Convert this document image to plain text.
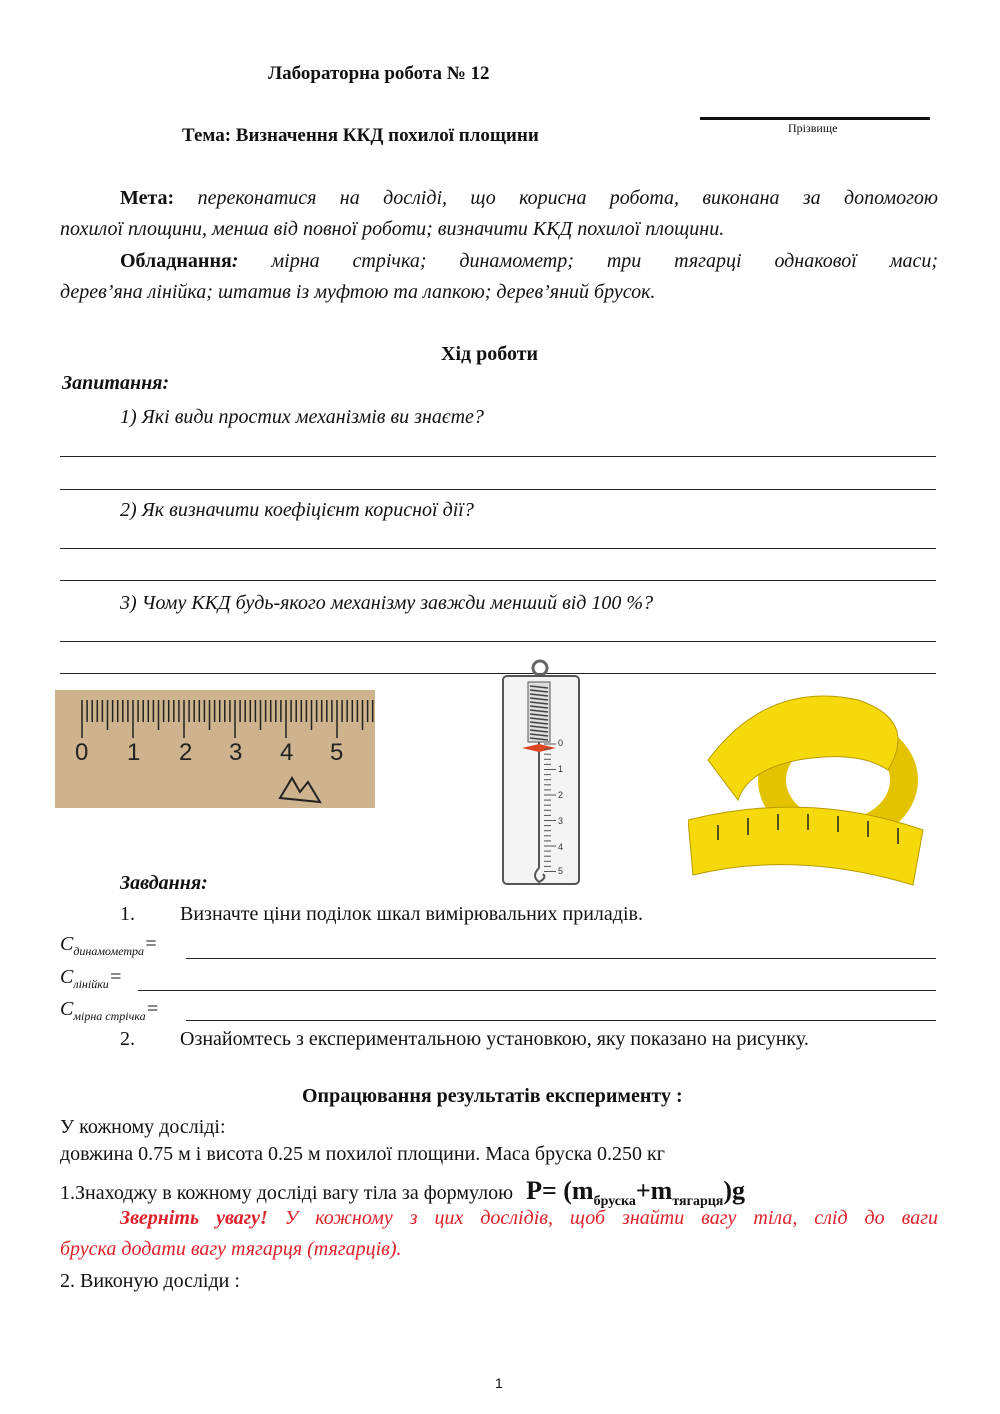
Лабораторна робота № 12
Прізвище
Тема: Визначення ККД похилої площини
Мета: переконатися на досліді, що корисна робота, виконана за допомогою
похилої площини, менша від повної роботи; визначити ККД похилої площини.
Обладнання: мірна стрічка; динамометр; три тягарці однакової маси;
дерев’яна лінійка; штатив із муфтою та лапкою; дерев’яний брусок.
Хід роботи
Запитання:
1) Які види простих механізмів ви знаєте?
2) Як визначити коефіцієнт корисної дії?
3) Чому ККД будь-якого механізму завжди менший від 100 %?
0 1 2 3 4 5	0
1
2
3
4
5
Завдання:
1. Визначте ціни поділок шкал вимірювальних приладів.
$C_{динамометра}=$
$C_{лінійки}=$
$C_{мірна стрічка}=$
2. Ознайомтесь з експериментальною установкою, яку показано на рисунку.
Опрацювання результатів експерименту :
У кожному досліді:
довжина 0.75 м і висота 0.25 м похилої площини. Маса бруска 0.250 кг
1.Знаходжу в кожному досліді вагу тіла за формулою $P= (m_{бруска}+m_{тягарця})g$
Зверніть увагу! У кожному з цих дослідів, щоб знайти вагу тіла, слід до ваги
бруска додати вагу тягарця (тягарців).
2. Виконую досліди :
1
